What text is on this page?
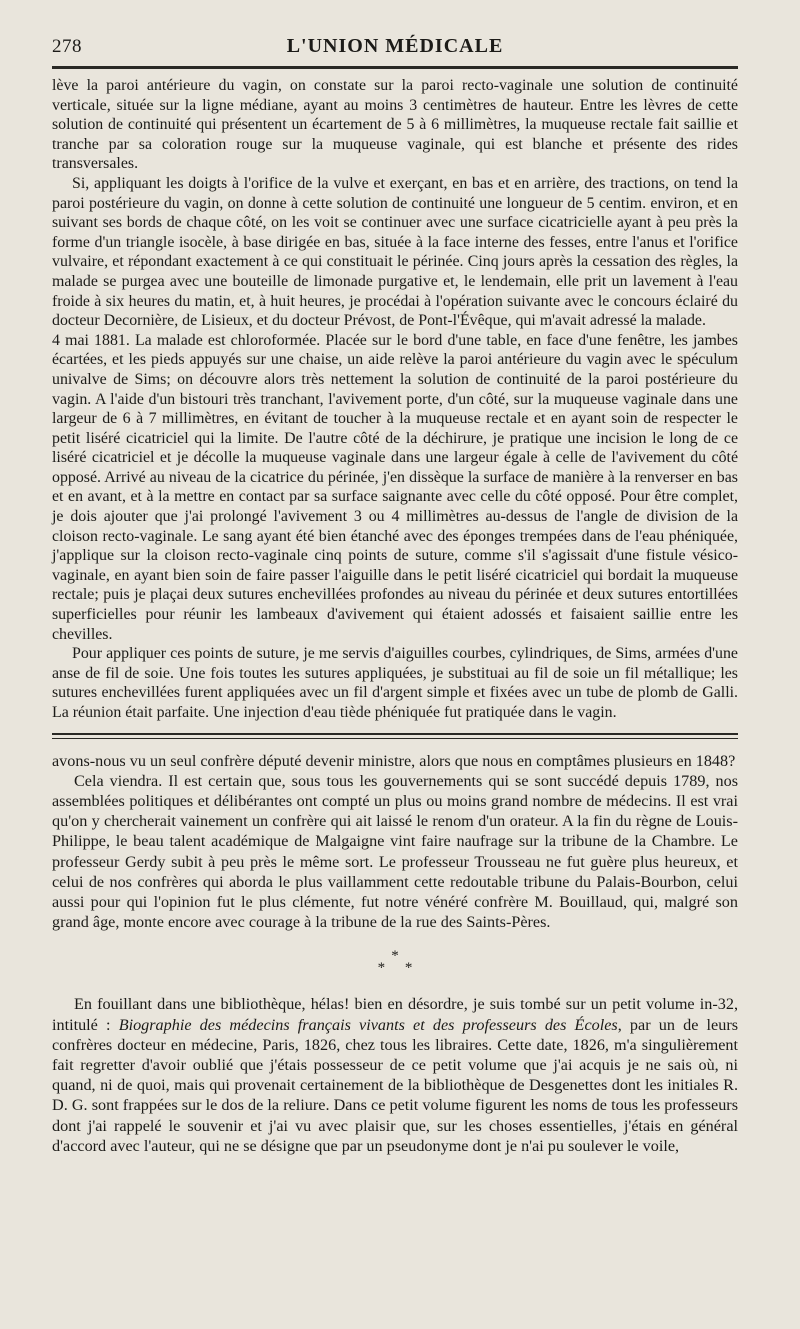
278	L'UNION MÉDICALE

lève la paroi antérieure du vagin, on constate sur la paroi recto-vaginale une solution de continuité verticale, située sur la ligne médiane, ayant au moins 3 centimètres de hauteur. Entre les lèvres de cette solution de continuité qui présentent un écartement de 5 à 6 millimètres, la muqueuse rectale fait saillie et tranche par sa coloration rouge sur la muqueuse vaginale, qui est blanche et présente des rides transversales.

Si, appliquant les doigts à l'orifice de la vulve et exerçant, en bas et en arrière, des tractions, on tend la paroi postérieure du vagin, on donne à cette solution de continuité une longueur de 5 centim. environ, et en suivant ses bords de chaque côté, on les voit se continuer avec une surface cicatricielle ayant à peu près la forme d'un triangle isocèle, à base dirigée en bas, située à la face interne des fesses, entre l'anus et l'orifice vulvaire, et répondant exactement à ce qui constituait le périnée. Cinq jours après la cessation des règles, la malade se purgea avec une bouteille de limonade purgative et, le lendemain, elle prit un lavement à l'eau froide à six heures du matin, et, à huit heures, je procédai à l'opération suivante avec le concours éclairé du docteur Decornière, de Lisieux, et du docteur Prévost, de Pont-l'Évêque, qui m'avait adressé la malade.

4 mai 1881. La malade est chloroformée. Placée sur le bord d'une table, en face d'une fenêtre, les jambes écartées, et les pieds appuyés sur une chaise, un aide relève la paroi antérieure du vagin avec le spéculum univalve de Sims; on découvre alors très nettement la solution de continuité de la paroi postérieure du vagin. A l'aide d'un bistouri très tranchant, l'avivement porte, d'un côté, sur la muqueuse vaginale dans une largeur de 6 à 7 millimètres, en évitant de toucher à la muqueuse rectale et en ayant soin de respecter le petit liséré cicatriciel qui la limite. De l'autre côté de la déchirure, je pratique une incision le long de ce liséré cicatriciel et je décolle la muqueuse vaginale dans une largeur égale à celle de l'avivement du côté opposé. Arrivé au niveau de la cicatrice du périnée, j'en dissèque la surface de manière à la renverser en bas et en avant, et à la mettre en contact par sa surface saignante avec celle du côté opposé. Pour être complet, je dois ajouter que j'ai prolongé l'avivement 3 ou 4 millimètres au-dessus de l'angle de division de la cloison recto-vaginale. Le sang ayant été bien étanché avec des éponges trempées dans de l'eau phéniquée, j'applique sur la cloison recto-vaginale cinq points de suture, comme s'il s'agissait d'une fistule vésico-vaginale, en ayant bien soin de faire passer l'aiguille dans le petit liséré cicatriciel qui bordait la muqueuse rectale; puis je plaçai deux sutures enchevillées profondes au niveau du périnée et deux sutures entortillées superficielles pour réunir les lambeaux d'avivement qui étaient adossés et faisaient saillie entre les chevilles.

Pour appliquer ces points de suture, je me servis d'aiguilles courbes, cylindriques, de Sims, armées d'une anse de fil de soie. Une fois toutes les sutures appliquées, je substituai au fil de soie un fil métallique; les sutures enchevillées furent appliquées avec un fil d'argent simple et fixées avec un tube de plomb de Galli. La réunion était parfaite. Une injection d'eau tiède phéniquée fut pratiquée dans le vagin.

avons-nous vu un seul confrère député devenir ministre, alors que nous en comptâmes plusieurs en 1848?

Cela viendra. Il est certain que, sous tous les gouvernements qui se sont succédé depuis 1789, nos assemblées politiques et délibérantes ont compté un plus ou moins grand nombre de médecins. Il est vrai qu'on y chercherait vainement un confrère qui ait laissé le renom d'un orateur. A la fin du règne de Louis-Philippe, le beau talent académique de Malgaigne vint faire naufrage sur la tribune de la Chambre. Le professeur Gerdy subit à peu près le même sort. Le professeur Trousseau ne fut guère plus heureux, et celui de nos confrères qui aborda le plus vaillamment cette redoutable tribune du Palais-Bourbon, celui aussi pour qui l'opinion fut le plus clémente, fut notre vénéré confrère M. Bouillaud, qui, malgré son grand âge, monte encore avec courage à la tribune de la rue des Saints-Pères.

*
* *

En fouillant dans une bibliothèque, hélas! bien en désordre, je suis tombé sur un petit volume in-32, intitulé : Biographie des médecins français vivants et des professeurs des Écoles, par un de leurs confrères docteur en médecine, Paris, 1826, chez tous les libraires. Cette date, 1826, m'a singulièrement fait regretter d'avoir oublié que j'étais possesseur de ce petit volume que j'ai acquis je ne sais où, ni quand, ni de quoi, mais qui provenait certainement de la bibliothèque de Desgenettes dont les initiales R. D. G. sont frappées sur le dos de la reliure. Dans ce petit volume figurent les noms de tous les professeurs dont j'ai rappelé le souvenir et j'ai vu avec plaisir que, sur les choses essentielles, j'étais en général d'accord avec l'auteur, qui ne se désigne que par un pseudonyme dont je n'ai pu soulever le voile,
